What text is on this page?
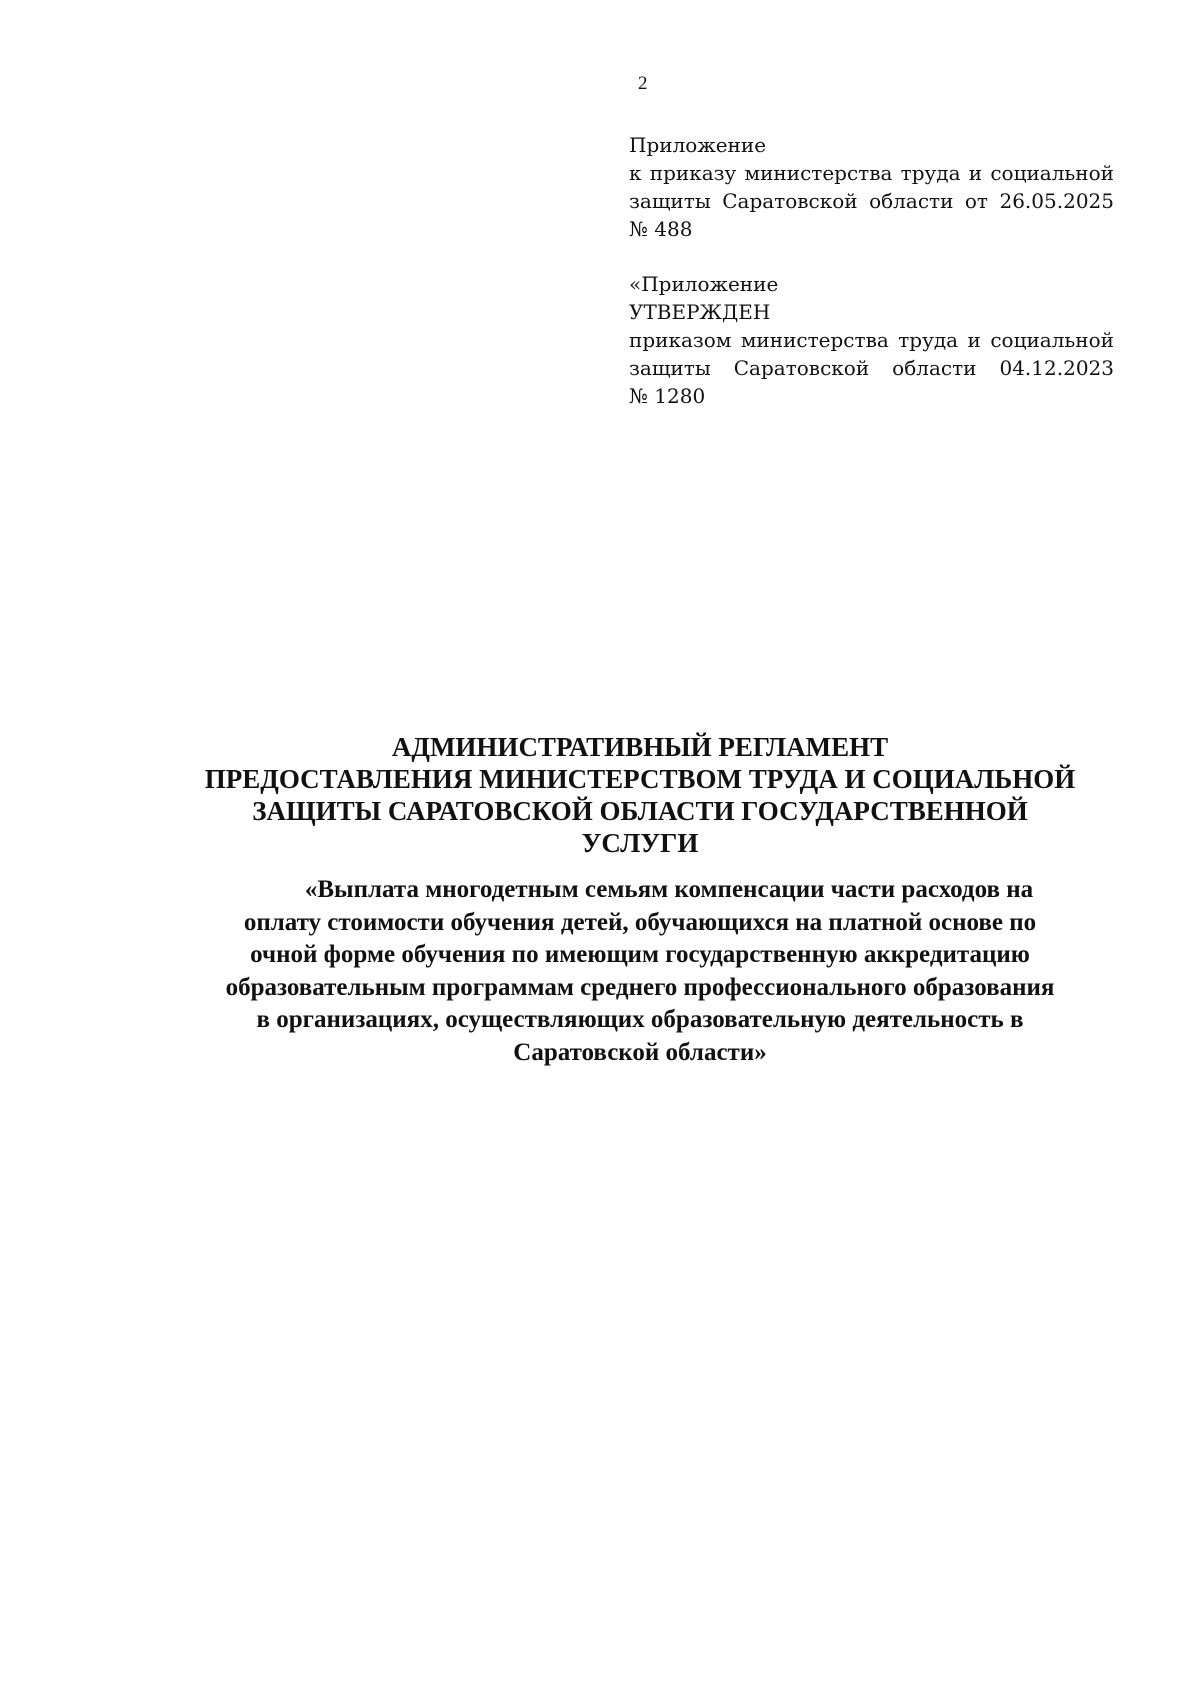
2
Приложение
к приказу министерства труда и социальной
защиты Саратовской области от 26.05.2025
№ 488
«Приложение
УТВЕРЖДЕН
приказом министерства труда и социальной
защиты Саратовской области 04.12.2023
№ 1280
АДМИНИСТРАТИВНЫЙ РЕГЛАМЕНТ
ПРЕДОСТАВЛЕНИЯ МИНИСТЕРСТВОМ ТРУДА И СОЦИАЛЬНОЙ
ЗАЩИТЫ САРАТОВСКОЙ ОБЛАСТИ ГОСУДАРСТВЕННОЙ
УСЛУГИ
«Выплата многодетным семьям компенсации части расходов на
оплату стоимости обучения детей, обучающихся на платной основе по
очной форме обучения по имеющим государственную аккредитацию
образовательным программам среднего профессионального образования
в организациях, осуществляющих образовательную деятельность в
Саратовской области»
